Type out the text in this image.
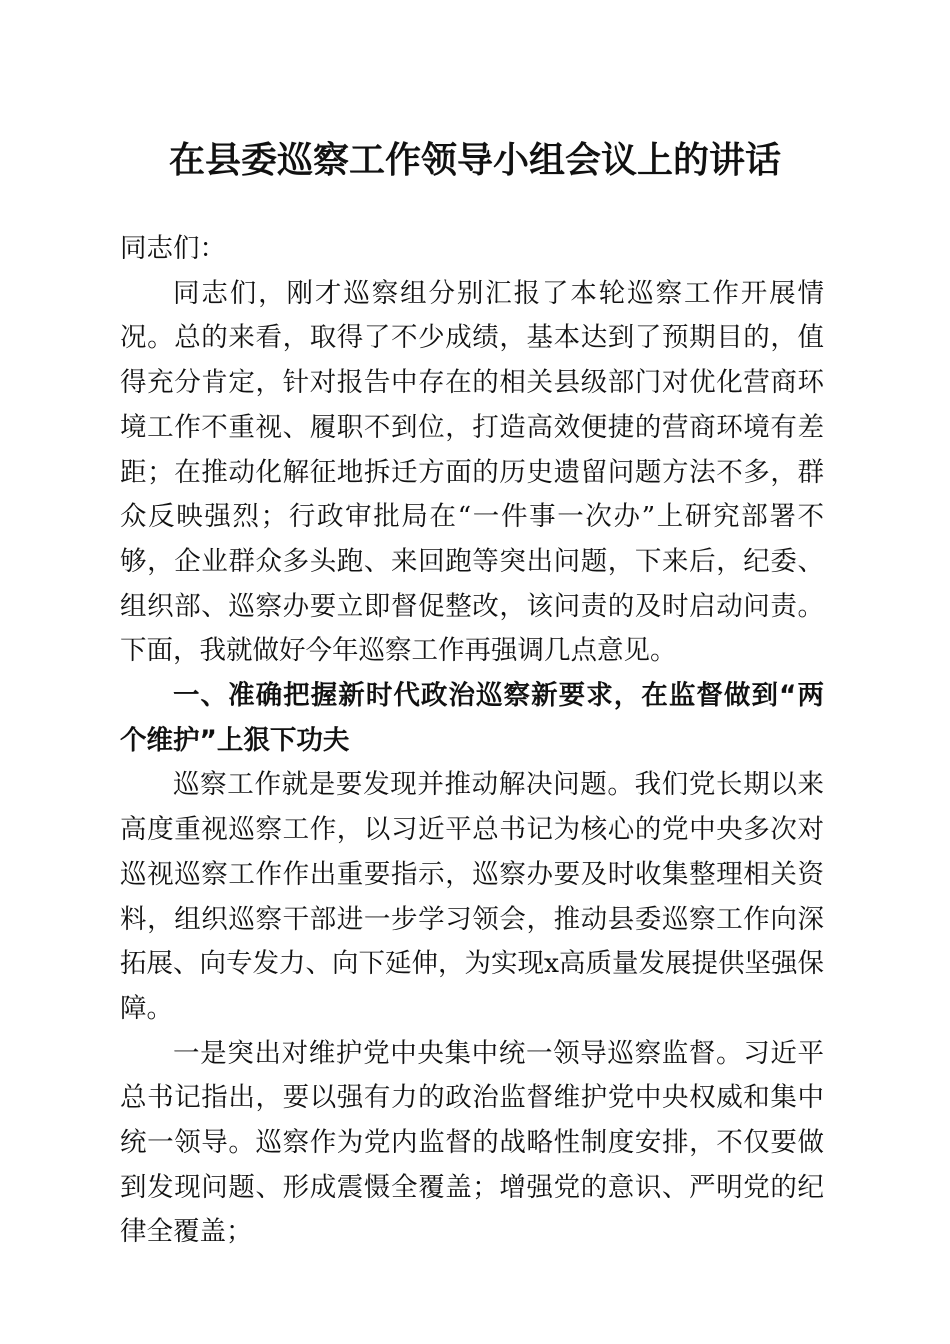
在县委巡察工作领导小组会议上的讲话

同志们：

同志们，刚才巡察组分别汇报了本轮巡察工作开展情况。总的来看，取得了不少成绩，基本达到了预期目的，值得充分肯定，针对报告中存在的相关县级部门对优化营商环境工作不重视、履职不到位，打造高效便捷的营商环境有差距；在推动化解征地拆迁方面的历史遗留问题方法不多，群众反映强烈；行政审批局在“一件事一次办”上研究部署不够，企业群众多头跑、来回跑等突出问题，下来后，纪委、组织部、巡察办要立即督促整改，该问责的及时启动问责。下面，我就做好今年巡察工作再强调几点意见。

一、准确把握新时代政治巡察新要求，在监督做到“两个维护”上狠下功夫

巡察工作就是要发现并推动解决问题。我们党长期以来高度重视巡察工作，以习近平总书记为核心的党中央多次对巡视巡察工作作出重要指示，巡察办要及时收集整理相关资料，组织巡察干部进一步学习领会，推动县委巡察工作向深拓展、向专发力、向下延伸，为实现x高质量发展提供坚强保障。

一是突出对维护党中央集中统一领导巡察监督。习近平总书记指出，要以强有力的政治监督维护党中央权威和集中统一领导。巡察作为党内监督的战略性制度安排，不仅要做到发现问题、形成震慑全覆盖；增强党的意识、严明党的纪律全覆盖；
